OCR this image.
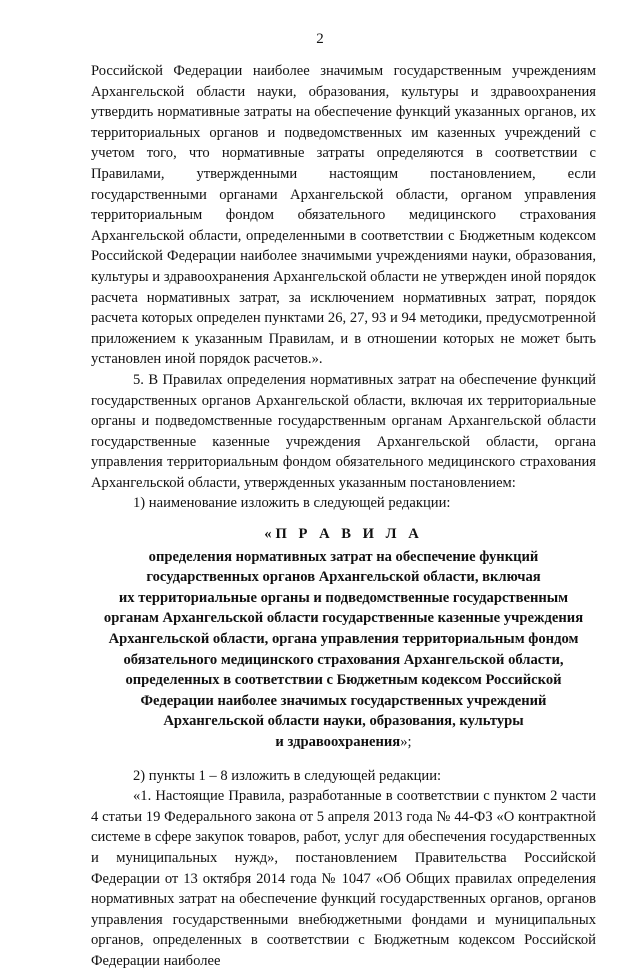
2

Российской Федерации наиболее значимым государственным учреждениям Архангельской области науки, образования, культуры и здравоохранения утвердить нормативные затраты на обеспечение функций указанных органов, их территориальных органов и подведомственных им казенных учреждений с учетом того, что нормативные затраты определяются в соответствии с Правилами, утвержденными настоящим постановлением, если государственными органами Архангельской области, органом управления территориальным фондом обязательного медицинского страхования Архангельской области, определенными в соответствии с Бюджетным кодексом Российской Федерации наиболее значимыми учреждениями науки, образования, культуры и здравоохранения Архангельской области не утвержден иной порядок расчета нормативных затрат, за исключением нормативных затрат, порядок расчета которых определен пунктами 26, 27, 93 и 94 методики, предусмотренной приложением к указанным Правилам, и в отношении которых не может быть установлен иной порядок расчетов.».

5. В Правилах определения нормативных затрат на обеспечение функций государственных органов Архангельской области, включая их территориальные органы и подведомственные государственным органам Архангельской области государственные казенные учреждения Архангельской области, органа управления территориальным фондом обязательного медицинского страхования Архангельской области, утвержденных указанным постановлением:

1) наименование изложить в следующей редакции:

«П Р А В И Л А
определения нормативных затрат на обеспечение функций
государственных органов Архангельской области, включая
их территориальные органы и подведомственные государственным
органам Архангельской области государственные казенные учреждения
Архангельской области, органа управления территориальным фондом
обязательного медицинского страхования Архангельской области,
определенных в соответствии с Бюджетным кодексом Российской
Федерации наиболее значимых государственных учреждений
Архангельской области науки, образования, культуры
и здравоохранения»;

2) пункты 1 – 8 изложить в следующей редакции:

«1. Настоящие Правила, разработанные в соответствии с пунктом 2 части 4 статьи 19 Федерального закона от 5 апреля 2013 года № 44-ФЗ «О контрактной системе в сфере закупок товаров, работ, услуг для обеспечения государственных и муниципальных нужд», постановлением Правительства Российской Федерации от 13 октября 2014 года № 1047 «Об Общих правилах определения нормативных затрат на обеспечение функций государственных органов, органов управления государственными внебюджетными фондами и муниципальных органов, определенных в соответствии с Бюджетным кодексом Российской Федерации наиболее
